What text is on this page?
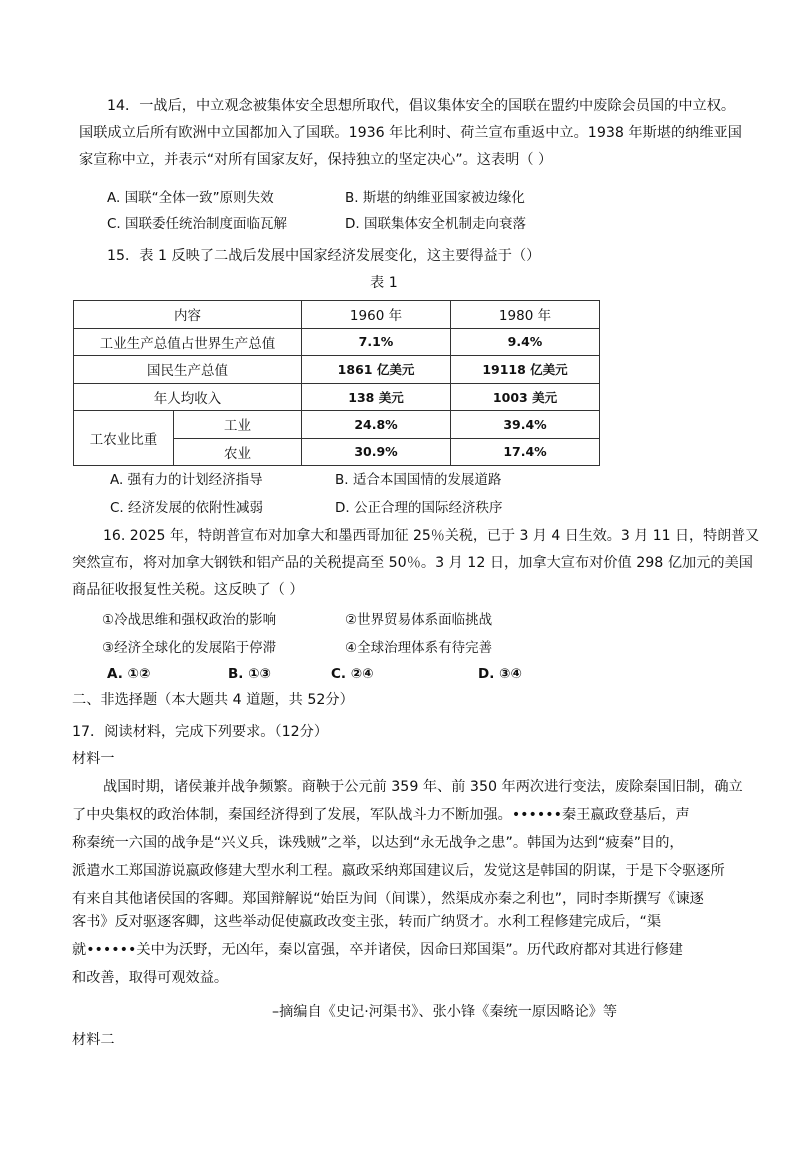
14．一战后，中立观念被集体安全思想所取代，倡议集体安全的国联在盟约中废除会员国的中立权。
国联成立后所有欧洲中立国都加入了国联。1936 年比利时、荷兰宣布重返中立。1938 年斯堪的纳维亚国
家宣称中立，并表示“对所有国家友好，保持独立的坚定决心”。这表明（ ）
A. 国联“全体一致”原则失效	B. 斯堪的纳维亚国家被边缘化
C. 国联委任统治制度面临瓦解	D. 国联集体安全机制走向衰落
15．表 1 反映了二战后发展中国家经济发展变化，这主要得益于（）
表 1
内容		1960 年	1980 年
工业生产总值占世界生产总值		7.1%	9.4%
国民生产总值		1861 亿美元	19118 亿美元
年人均收入		138 美元	1003 美元
工农业比重	工业	24.8%	39.4%
	农业	30.9%	17.4%
A. 强有力的计划经济指导	B. 适合本国国情的发展道路
C. 经济发展的依附性减弱	D. 公正合理的国际经济秩序
16. 2025 年，特朗普宣布对加拿大和墨西哥加征 25％关税，已于 3 月 4 日生效。3 月 11 日，特朗普又
突然宣布，将对加拿大钢铁和铝产品的关税提高至 50％。3 月 12 日，加拿大宣布对价值 298 亿加元的美国
商品征收报复性关税。这反映了（ ）
①冷战思维和强权政治的影响	②世界贸易体系面临挑战
③经济全球化的发展陷于停滞	④全球治理体系有待完善
A. ①②	B. ①③	C. ②④	D. ③④
二、非选择题（本大题共 4 道题，共 52分）
17．阅读材料，完成下列要求。（12分）
材料一
战国时期，诸侯兼并战争频繁。商鞅于公元前 359 年、前 350 年两次进行变法，废除秦国旧制，确立
了中央集权的政治体制，秦国经济得到了发展，军队战斗力不断加强。••••••秦王嬴政登基后，声
称秦统一六国的战争是“兴义兵，诛残贼”之举，以达到“永无战争之患”。韩国为达到“疲秦”目的，
派遣水工郑国游说嬴政修建大型水利工程。嬴政采纳郑国建议后，发觉这是韩国的阴谋，于是下令驱逐所
有来自其他诸侯国的客卿。郑国辩解说“始臣为间（间谍），然渠成亦秦之利也”，同时李斯撰写《谏逐
客书》反对驱逐客卿，这些举动促使嬴政改变主张，转而广纳贤才。水利工程修建完成后，“渠
就••••••关中为沃野，无凶年，秦以富强，卒并诸侯，因命曰郑国渠”。历代政府都对其进行修建
和改善，取得可观效益。
–摘编自《史记·河渠书》、张小锋《秦统一原因略论》等
材料二
